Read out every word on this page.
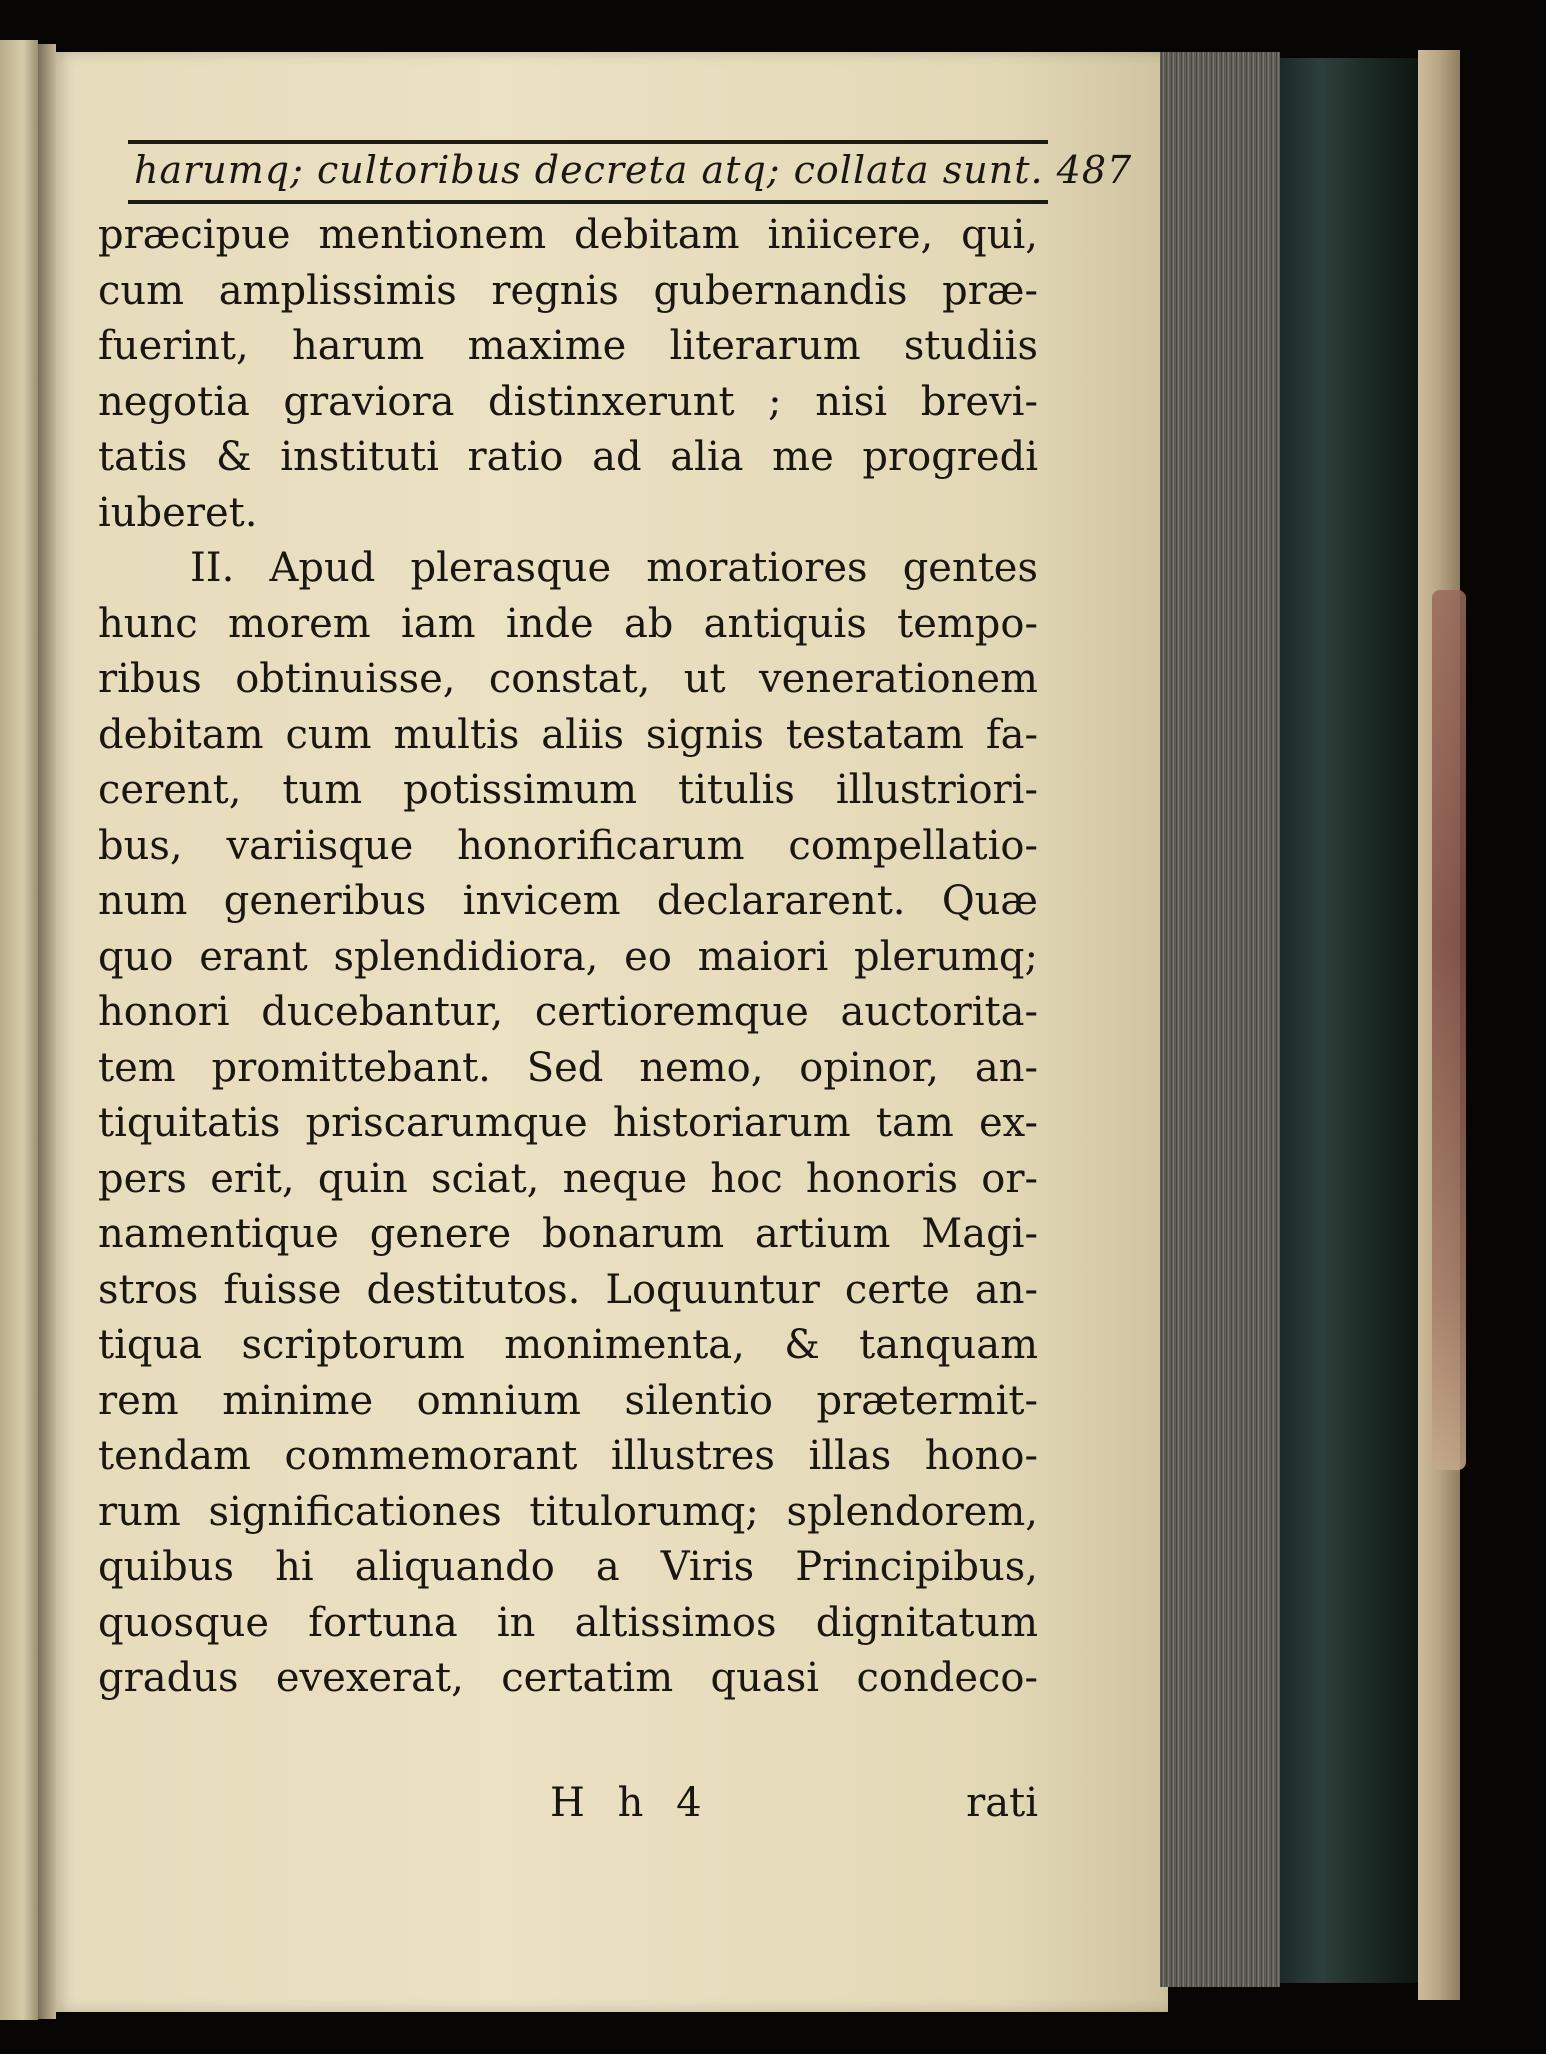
harumq; cultoribus decreta atq; collata sunt. 487
præcipue mentionem debitam iniicere, qui,
cum amplissimis regnis gubernandis præ-
fuerint, harum maxime literarum studiis
negotia graviora distinxerunt ; nisi brevi-
tatis & instituti ratio ad alia me progredi
iuberet.
II. Apud plerasque moratiores gentes
hunc morem iam inde ab antiquis tempo-
ribus obtinuisse, constat, ut venerationem
debitam cum multis aliis signis testatam fa-
cerent, tum potissimum titulis illustriori-
bus, variisque honorificarum compellatio-
num generibus invicem declararent. Quæ
quo erant splendidiora, eo maiori plerumq;
honori ducebantur, certioremque auctorita-
tem promittebant. Sed nemo, opinor, an-
tiquitatis priscarumque historiarum tam ex-
pers erit, quin sciat, neque hoc honoris or-
namentique genere bonarum artium Magi-
stros fuisse destitutos. Loquuntur certe an-
tiqua scriptorum monimenta, & tanquam
rem minime omnium silentio prætermit-
tendam commemorant illustres illas hono-
rum significationes titulorumq; splendorem,
quibus hi aliquando a Viris Principibus,
quosque fortuna in altissimos dignitatum
gradus evexerat, certatim quasi condeco-
H h 4	rati
